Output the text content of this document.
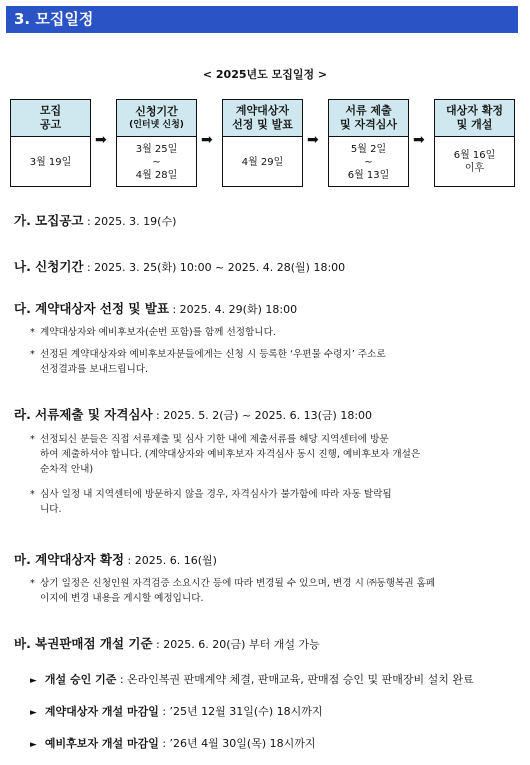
3. 모집일정
< 2025년도 모집일정 >
모집
공고
3월 19일
➡
신청기간
(인터넷 신청)
3월 25일
~
4월 28일
➡
계약대상자
선정 및 발표
4월 29일
➡
서류 제출
및 자격심사
5월 2일
~
6월 13일
➡
대상자 확정
및 개설
6월 16일
이후
가. 모집공고 : 2025. 3. 19(수)
나. 신청기간 : 2025. 3. 25(화) 10:00 ~ 2025. 4. 28(월) 18:00
다. 계약대상자 선정 및 발표 : 2025. 4. 29(화) 18:00
* 계약대상자와 예비후보자(순번 포함)를 함께 선정합니다.
* 선정된 계약대상자와 예비후보자분들에게는 신청 시 등록한 ‘우편물 수령지’ 주소로
선정결과를 보내드립니다.
라. 서류제출 및 자격심사 : 2025. 5. 2(금) ~ 2025. 6. 13(금) 18:00
* 선정되신 분들은 직접 서류제출 및 심사 기한 내에 제출서류를 해당 지역센터에 방문
하여 제출하셔야 합니다. (계약대상자와 예비후보자 자격심사 동시 진행, 예비후보자 개설은
순차적 안내)
* 심사 일정 내 지역센터에 방문하지 않을 경우, 자격심사가 불가함에 따라 자동 탈락됩
니다.
마. 계약대상자 확정 : 2025. 6. 16(월)
* 상기 일정은 신청인원 자격검증 소요시간 등에 따라 변경될 수 있으며, 변경 시 ㈜동행복권 홈페
이지에 변경 내용을 게시할 예정입니다.
바. 복권판매점 개설 기준 : 2025. 6. 20(금) 부터 개설 가능
► 개설 승인 기준 : 온라인복권 판매계약 체결, 판매교육, 판매점 승인 및 판매장비 설치 완료
► 계약대상자 개설 마감일 : ’25년 12월 31일(수) 18시까지
► 예비후보자 개설 마감일 : ’26년 4월 30일(목) 18시까지
